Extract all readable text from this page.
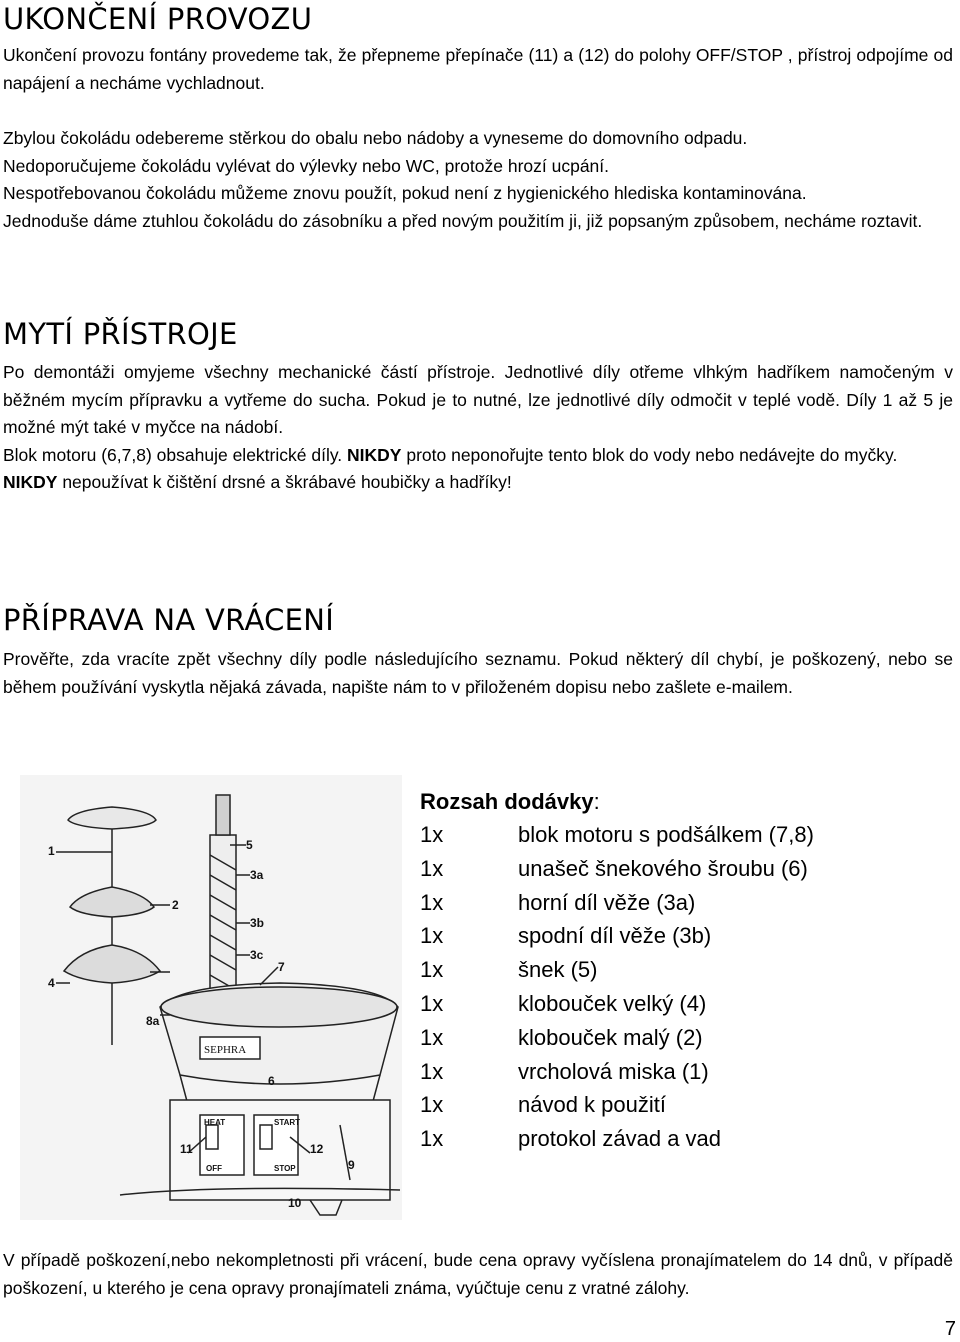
UKONČENÍ PROVOZU

Ukončení provozu fontány provedeme tak, že přepneme přepínače (11) a (12) do polohy OFF/STOP , přístroj odpojíme od napájení a necháme vychladnout.

Zbylou čokoládu odebereme stěrkou do obalu nebo nádoby a vyneseme do domovního odpadu.
Nedoporučujeme čokoládu vylévat do výlevky nebo WC, protože hrozí ucpání.
Nespotřebovanou čokoládu můžeme znovu použít, pokud není z hygienického hlediska kontaminována.
Jednoduše dáme ztuhlou čokoládu do zásobníku a před novým použitím ji, již popsaným způsobem, necháme roztavit.
MYTÍ PŘÍSTROJE
Po demontáži omyjeme všechny mechanické částí přístroje. Jednotlivé díly otřeme vlhkým hadříkem namočeným v běžném mycím přípravku a vytřeme do sucha. Pokud je to nutné, lze jednotlivé díly odmočit v teplé vodě. Díly 1 až 5 je možné mýt také v myčce na nádobí.
Blok motoru (6,7,8) obsahuje elektrické díly. NIKDY proto neponořujte tento blok do vody nebo nedávejte do myčky.
NIKDY nepoužívat k čištění drsné a škrábavé houbičky a hadříky!
PŘÍPRAVA NA VRÁCENÍ

Prověřte, zda vracíte zpět všechny díly podle následujícího seznamu. Pokud některý díl chybí, je poškozený, nebo se během používání vyskytla nějaká závada, napište nám to v přiloženém dopisu nebo zašlete e-mailem.

1
2
4
5
3a
3b
3c
7
8a
6
11	12
9
10
SEPHRA
HEAT	START
OFF	STOP
Rozsah dodávky:
1x	blok motoru s podšálkem (7,8)
1x	unašeč šnekového šroubu (6)
1x	horní díl věže (3a)
1x	spodní díl věže (3b)
1x	šnek (5)
1x	klobouček velký (4)
1x	klobouček malý (2)
1x	vrcholová miska (1)
1x	návod k použití
1x	protokol závad a vad

V případě poškození,nebo nekompletnosti při vrácení, bude cena opravy vyčíslena pronajímatelem do 14 dnů, v případě poškození, u kterého je cena opravy pronajímateli známa, vyúčtuje cenu z vratné zálohy.

7
